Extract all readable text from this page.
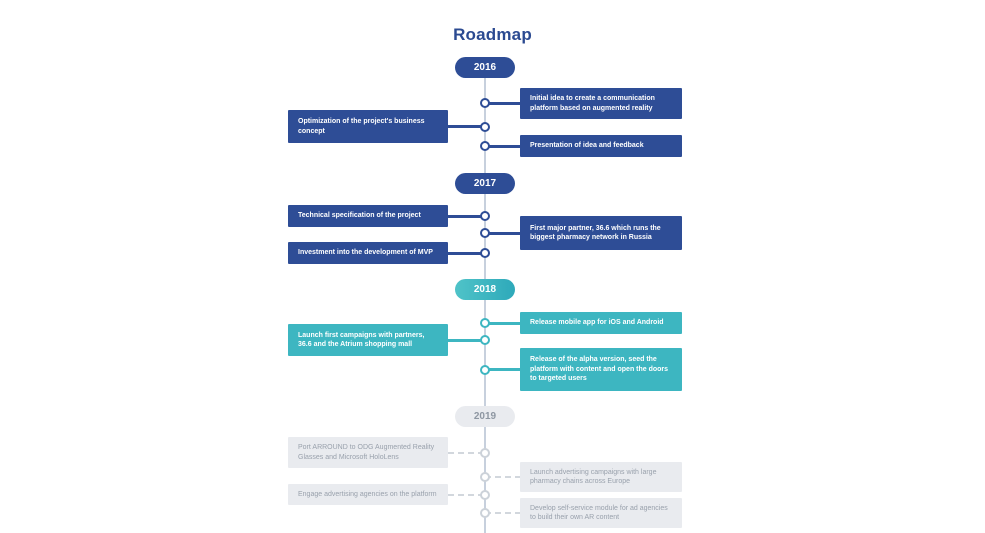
Roadmap
2016
Initial idea to create a communication platform based on augmented reality
Optimization of the project's business concept
Presentation of idea and feedback
2017
Technical specification of the project
First major partner, 36.6 which runs the biggest pharmacy network in Russia
Investment into the development of MVP
2018
Release mobile app for iOS and Android
Launch first campaigns with partners, 36.6 and the Atrium shopping mall
Release of the alpha version, seed the platform with content and open the doors to targeted users
2019
Port ARROUND to ODG Augmented Reality Glasses and Microsoft HoloLens
Launch advertising campaigns with large pharmacy chains across Europe
Engage advertising agencies on the platform
Develop self-service module for ad agencies to build their own AR content
